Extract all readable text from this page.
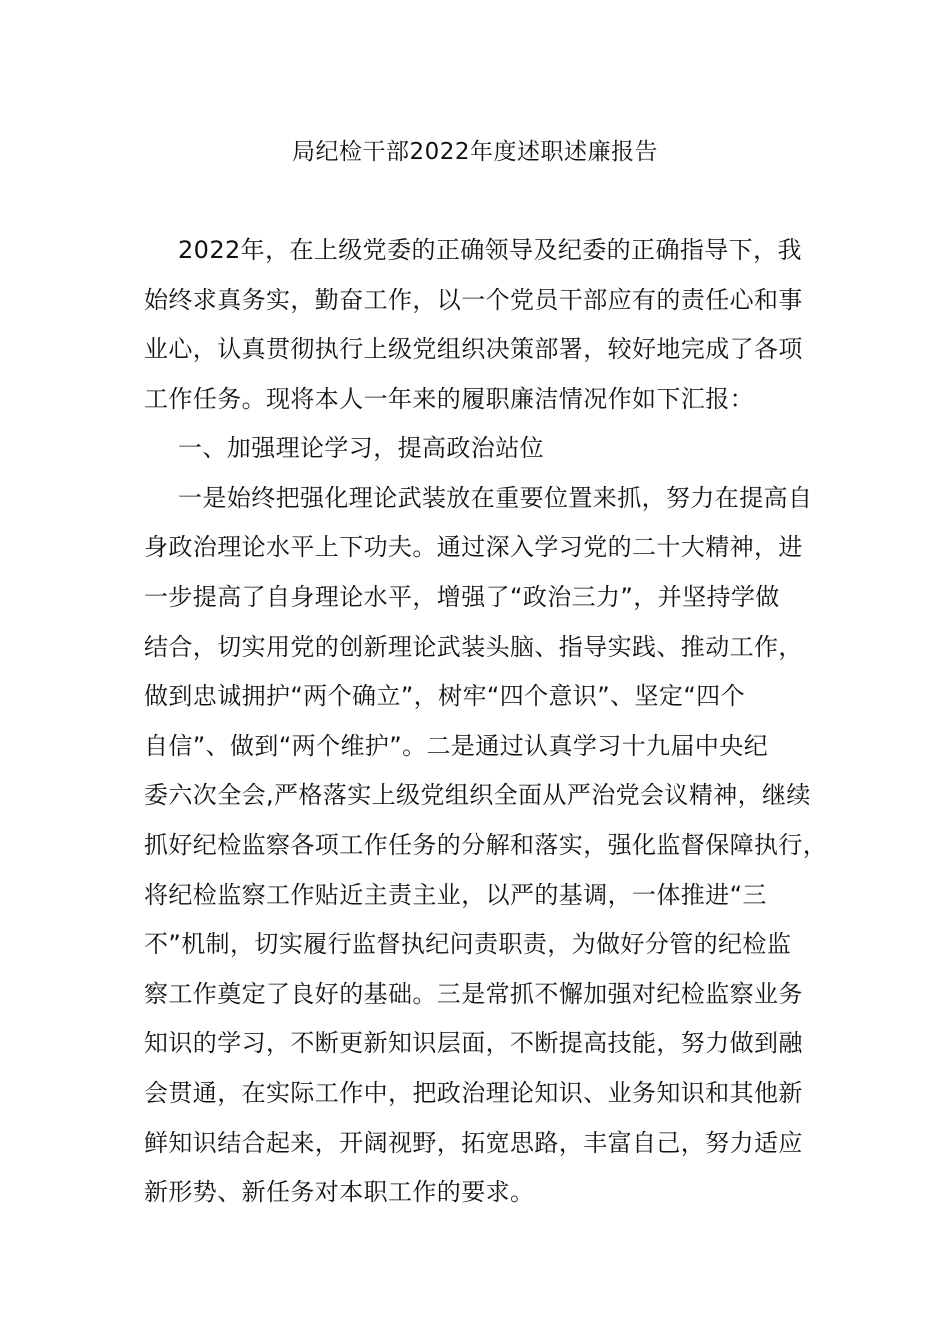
局纪检干部2022年度述职述廉报告
2022年，在上级党委的正确领导及纪委的正确指导下，我
始终求真务实，勤奋工作，以一个党员干部应有的责任心和事
业心，认真贯彻执行上级党组织决策部署，较好地完成了各项
工作任务。现将本人一年来的履职廉洁情况作如下汇报：
一、加强理论学习，提高政治站位
一是始终把强化理论武装放在重要位置来抓，努力在提高自
身政治理论水平上下功夫。通过深入学习党的二十大精神，进
一步提高了自身理论水平，增强了“政治三力”，并坚持学做
结合，切实用党的创新理论武装头脑、指导实践、推动工作，
做到忠诚拥护“两个确立”，树牢“四个意识”、坚定“四个
自信”、做到“两个维护”。二是通过认真学习十九届中央纪
委六次全会,严格落实上级党组织全面从严治党会议精神，继续
抓好纪检监察各项工作任务的分解和落实，强化监督保障执行，
将纪检监察工作贴近主责主业，以严的基调，一体推进“三
不”机制，切实履行监督执纪问责职责，为做好分管的纪检监
察工作奠定了良好的基础。三是常抓不懈加强对纪检监察业务
知识的学习，不断更新知识层面，不断提高技能，努力做到融
会贯通，在实际工作中，把政治理论知识、业务知识和其他新
鲜知识结合起来，开阔视野，拓宽思路，丰富自己，努力适应
新形势、新任务对本职工作的要求。
